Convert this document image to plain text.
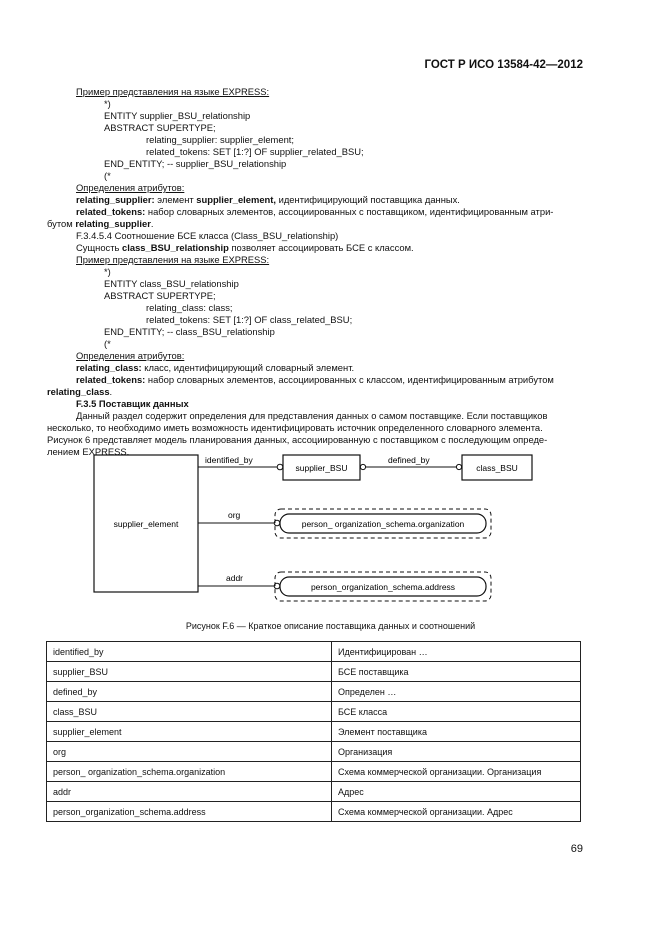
ГОСТ Р ИСО 13584-42—2012
Пример представления на языке EXPRESS:
*)
ENTITY supplier_BSU_relationship
ABSTRACT SUPERTYPE;
relating_supplier: supplier_element;
related_tokens: SET [1:?] OF supplier_related_BSU;
END_ENTITY; -- supplier_BSU_relationship
(*
Определения атрибутов:
relating_supplier: элемент supplier_element, идентифицирующий поставщика данных.
related_tokens: набор словарных элементов, ассоциированных с поставщиком, идентифицированным атри-
бутом relating_supplier.
F.3.4.5.4 Соотношение БСЕ класса (Class_BSU_relationship)
Сущность class_BSU_relationship позволяет ассоциировать БСЕ с классом.
Пример представления на языке EXPRESS:
*)
ENTITY class_BSU_relationship
ABSTRACT SUPERTYPE;
relating_class: class;
related_tokens: SET [1:?] OF class_related_BSU;
END_ENTITY; -- class_BSU_relationship
(*
Определения атрибутов:
relating_class: класс, идентифицирующий словарный элемент.
related_tokens: набор словарных элементов, ассоциированных с классом, идентифицированным атрибутом
relating_class.
F.3.5 Поставщик данных
Данный раздел содержит определения для представления данных о самом поставщике. Если поставщиков
несколько, то необходимо иметь возможность идентифицировать источник определенного словарного элемента.
Рисунок 6 представляет модель планирования данных, ассоциированную с поставщиком с последующим опреде-
лением EXPRESS.
supplier_element
identified_by
supplier_BSU
defined_by
class_BSU
org
person_ organization_schema.organization
addr
person_organization_schema.address
Рисунок F.6 — Краткое описание поставщика данных и соотношений
identified_by	Идентифицирован …
supplier_BSU	БСЕ поставщика
defined_by	Определен …
class_BSU	БСЕ класса
supplier_element	Элемент поставщика
org	Организация
person_ organization_schema.organization	Схема коммерческой организации. Организация
addr	Адрес
person_organization_schema.address	Схема коммерческой организации. Адрес
69
